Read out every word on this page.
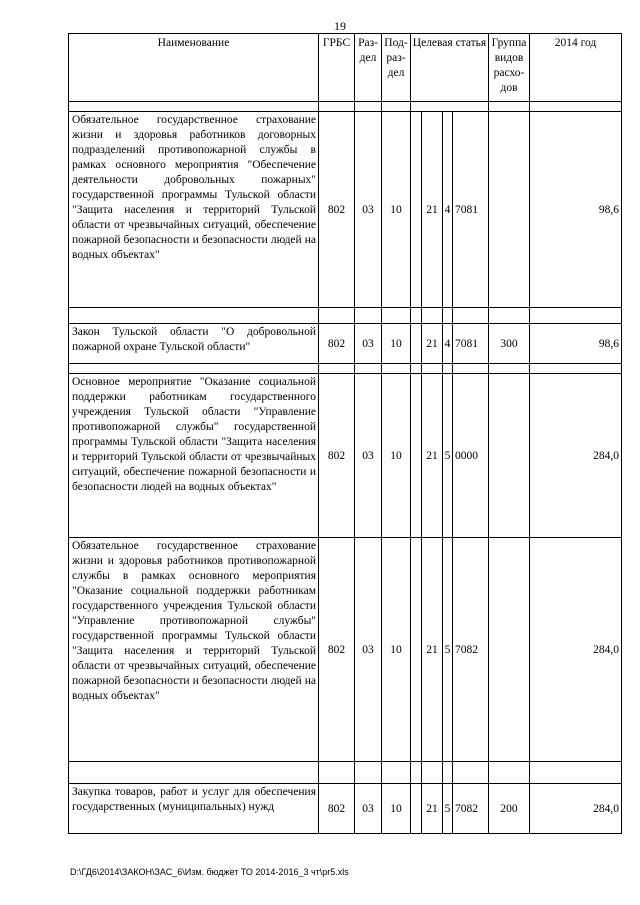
19
Наименование	ГРБС	Раз- дел	Под- раз- дел	Целевая статья				Группа видов расхо- дов	2014 год

Обязательное государственное страхование жизни и здоровья работников договорных подразделений противопожарной службы в рамках основного мероприятия "Обеспечение деятельности добровольных пожарных" государственной программы Тульской области "Защита населения и территорий Тульской области от чрезвычайных ситуаций, обеспечение пожарной безопасности и безопасности людей на водных объектах"	802	03	10		21	4	7081		98,6

Закон Тульской области "О добровольной пожарной охране Тульской области"	802	03	10		21	4	7081	300	98,6

Основное мероприятие "Оказание социальной поддержки работникам государственного учреждения Тульской области "Управление противопожарной службы" государственной программы Тульской области "Защита населения и территорий Тульской области от чрезвычайных ситуаций, обеспечение пожарной безопасности и безопасности людей на водных объектах"	802	03	10		21	5	0000		284,0
Обязательное государственное страхование жизни и здоровья работников противопожарной службы в рамках основного мероприятия "Оказание социальной поддержки работникам государственного учреждения Тульской области "Управление противопожарной службы" государственной программы Тульской области "Защита населения и территорий Тульской области от чрезвычайных ситуаций, обеспечение пожарной безопасности и безопасности людей на водных объектах"	802	03	10		21	5	7082		284,0

Закупка товаров, работ и услуг для обеспечения государственных (муниципальных) нужд	802	03	10		21	5	7082	200	284,0
D:\ГД6\2014\ЗАКОН\ЗАС_6\Изм. бюджет ТО 2014-2016_3 чт\pr5.xls
